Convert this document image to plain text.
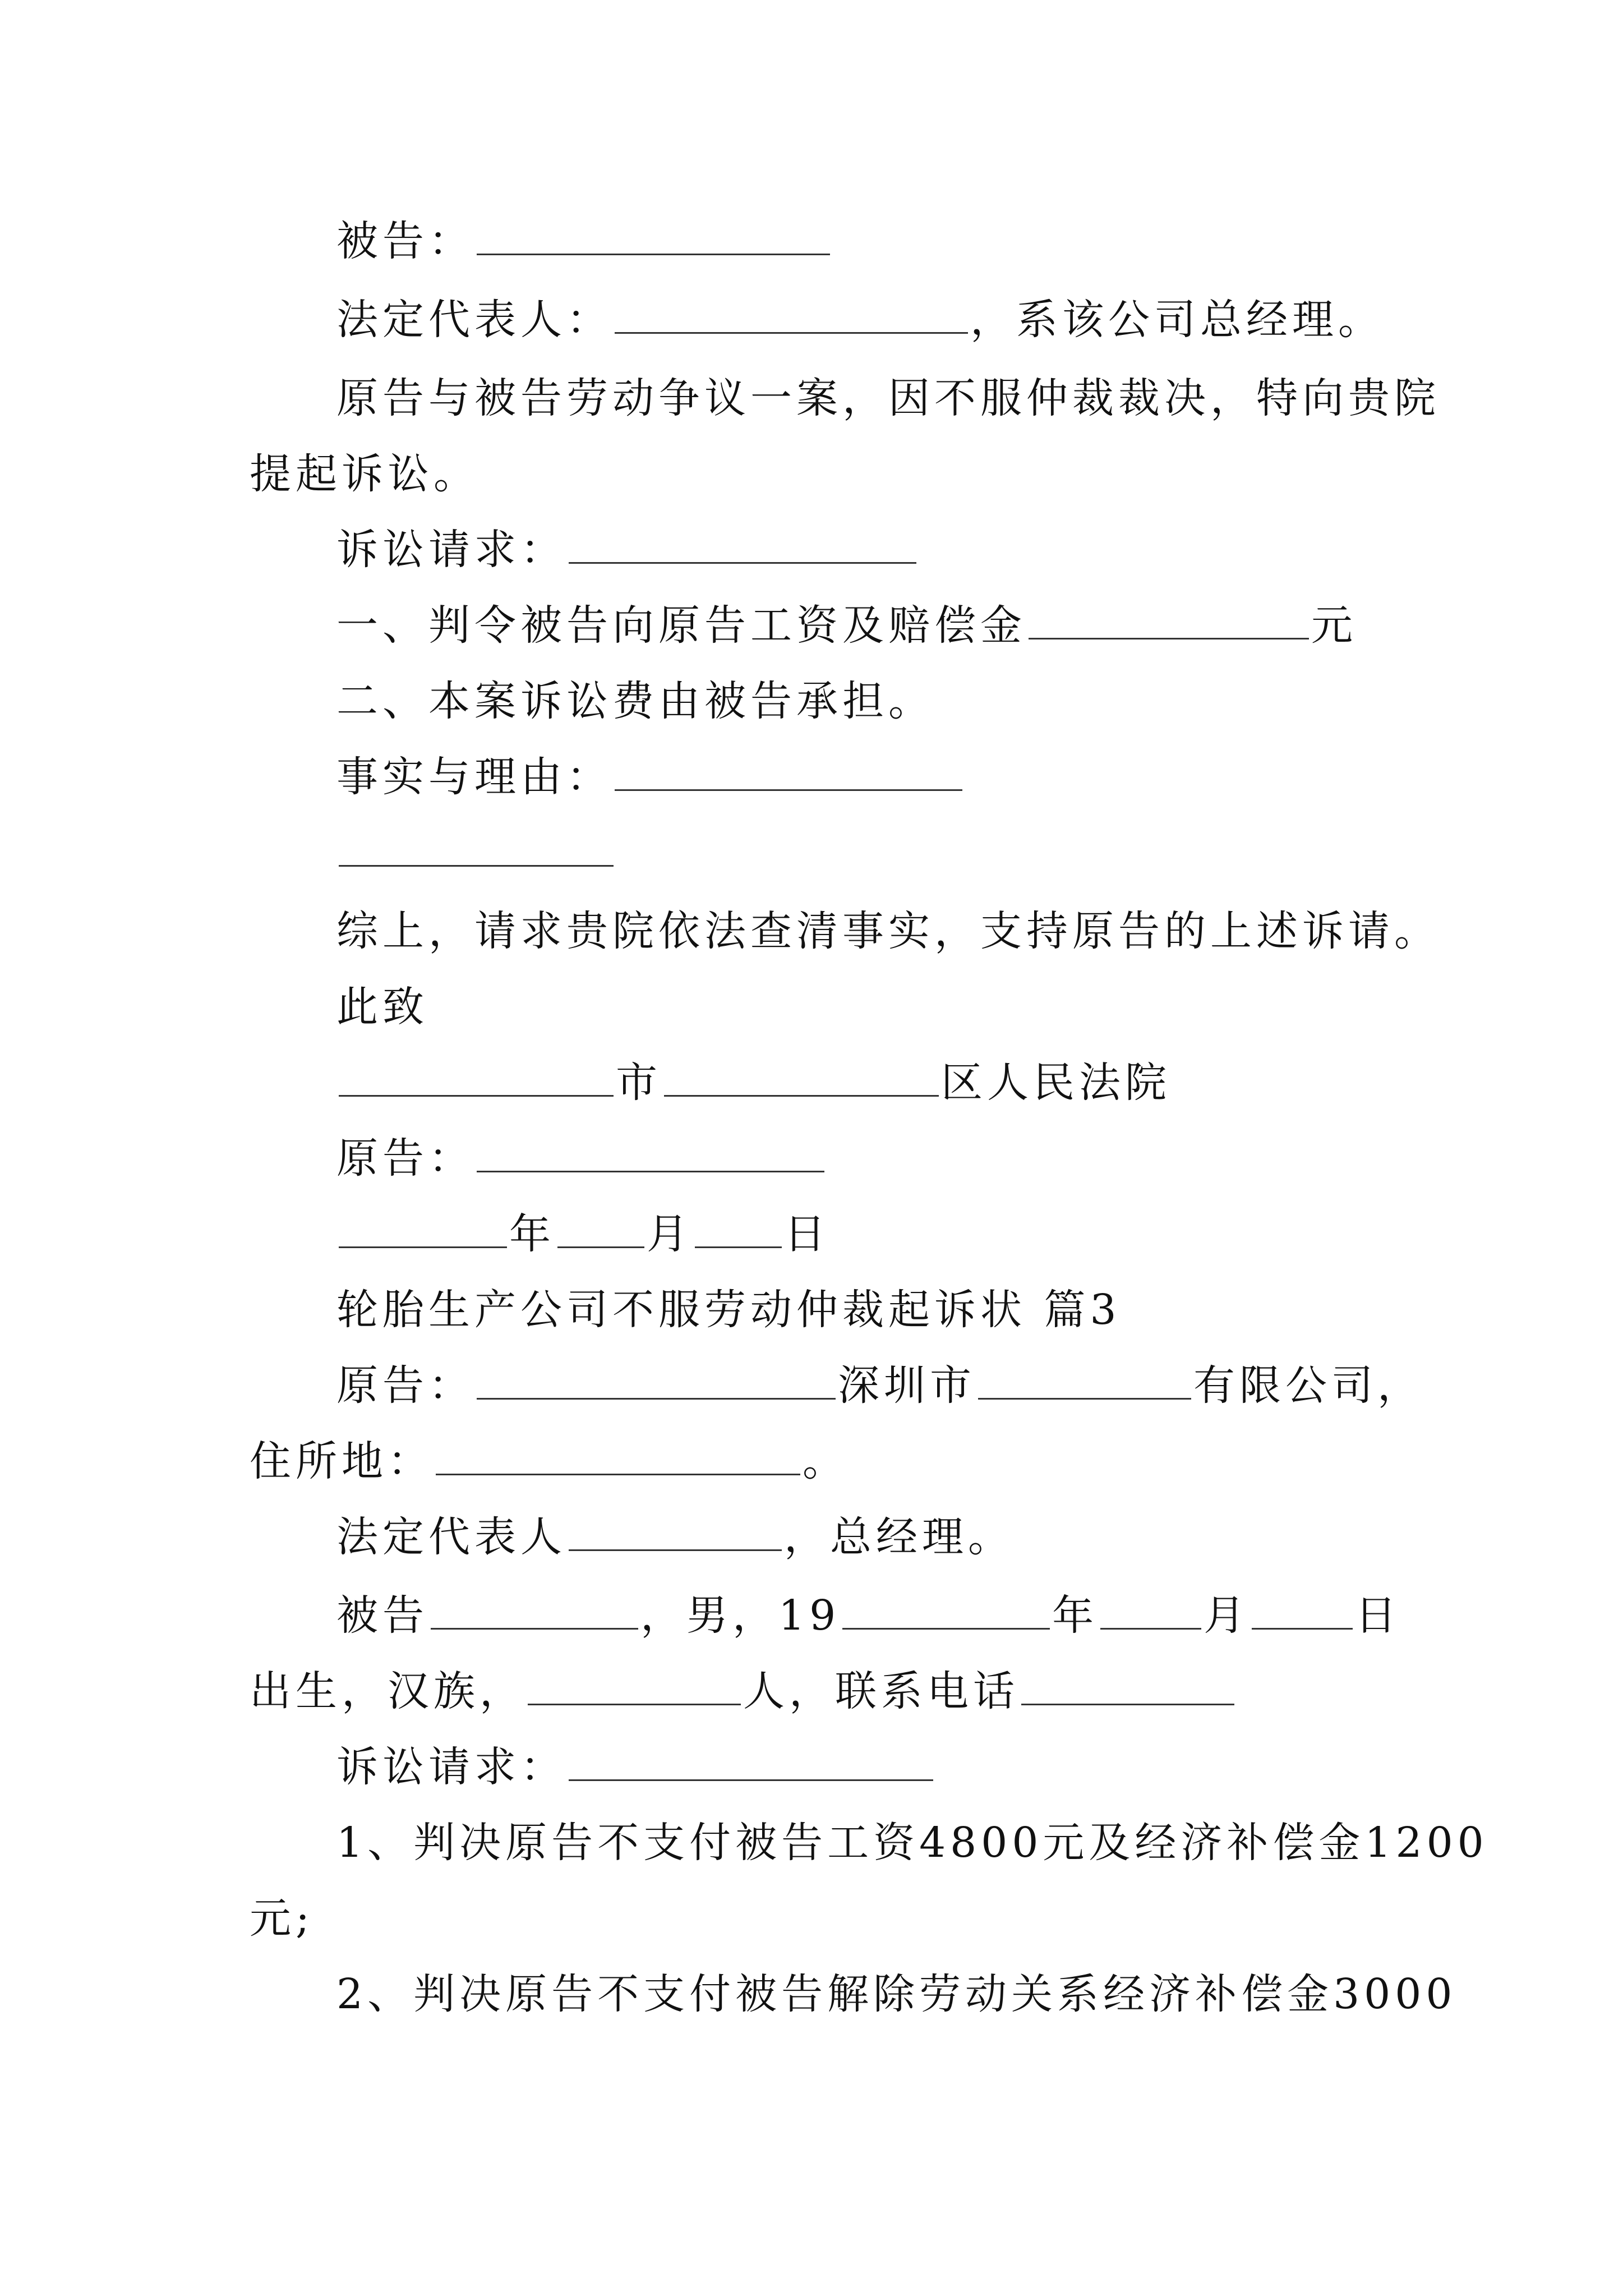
被告：
法定代表人：	，系该公司总经理。
原告与被告劳动争议一案，因不服仲裁裁决，特向贵院
提起诉讼。
诉讼请求：
一、判令被告向原告工资及赔偿金	元
二、本案诉讼费由被告承担。
事实与理由：
综上，请求贵院依法查清事实，支持原告的上述诉请。
此致
市	区人民法院
原告：
年 月 日
轮胎生产公司不服劳动仲裁起诉状 篇3
原告：	深圳市	有限公司，
住所地：	。
法定代表人	，总经理。
被告	，男，19	年	月	日
出生，汉族，	人，联系电话
诉讼请求：
1、判决原告不支付被告工资4800元及经济补偿金1200
元;
2、判决原告不支付被告解除劳动关系经济补偿金3000
